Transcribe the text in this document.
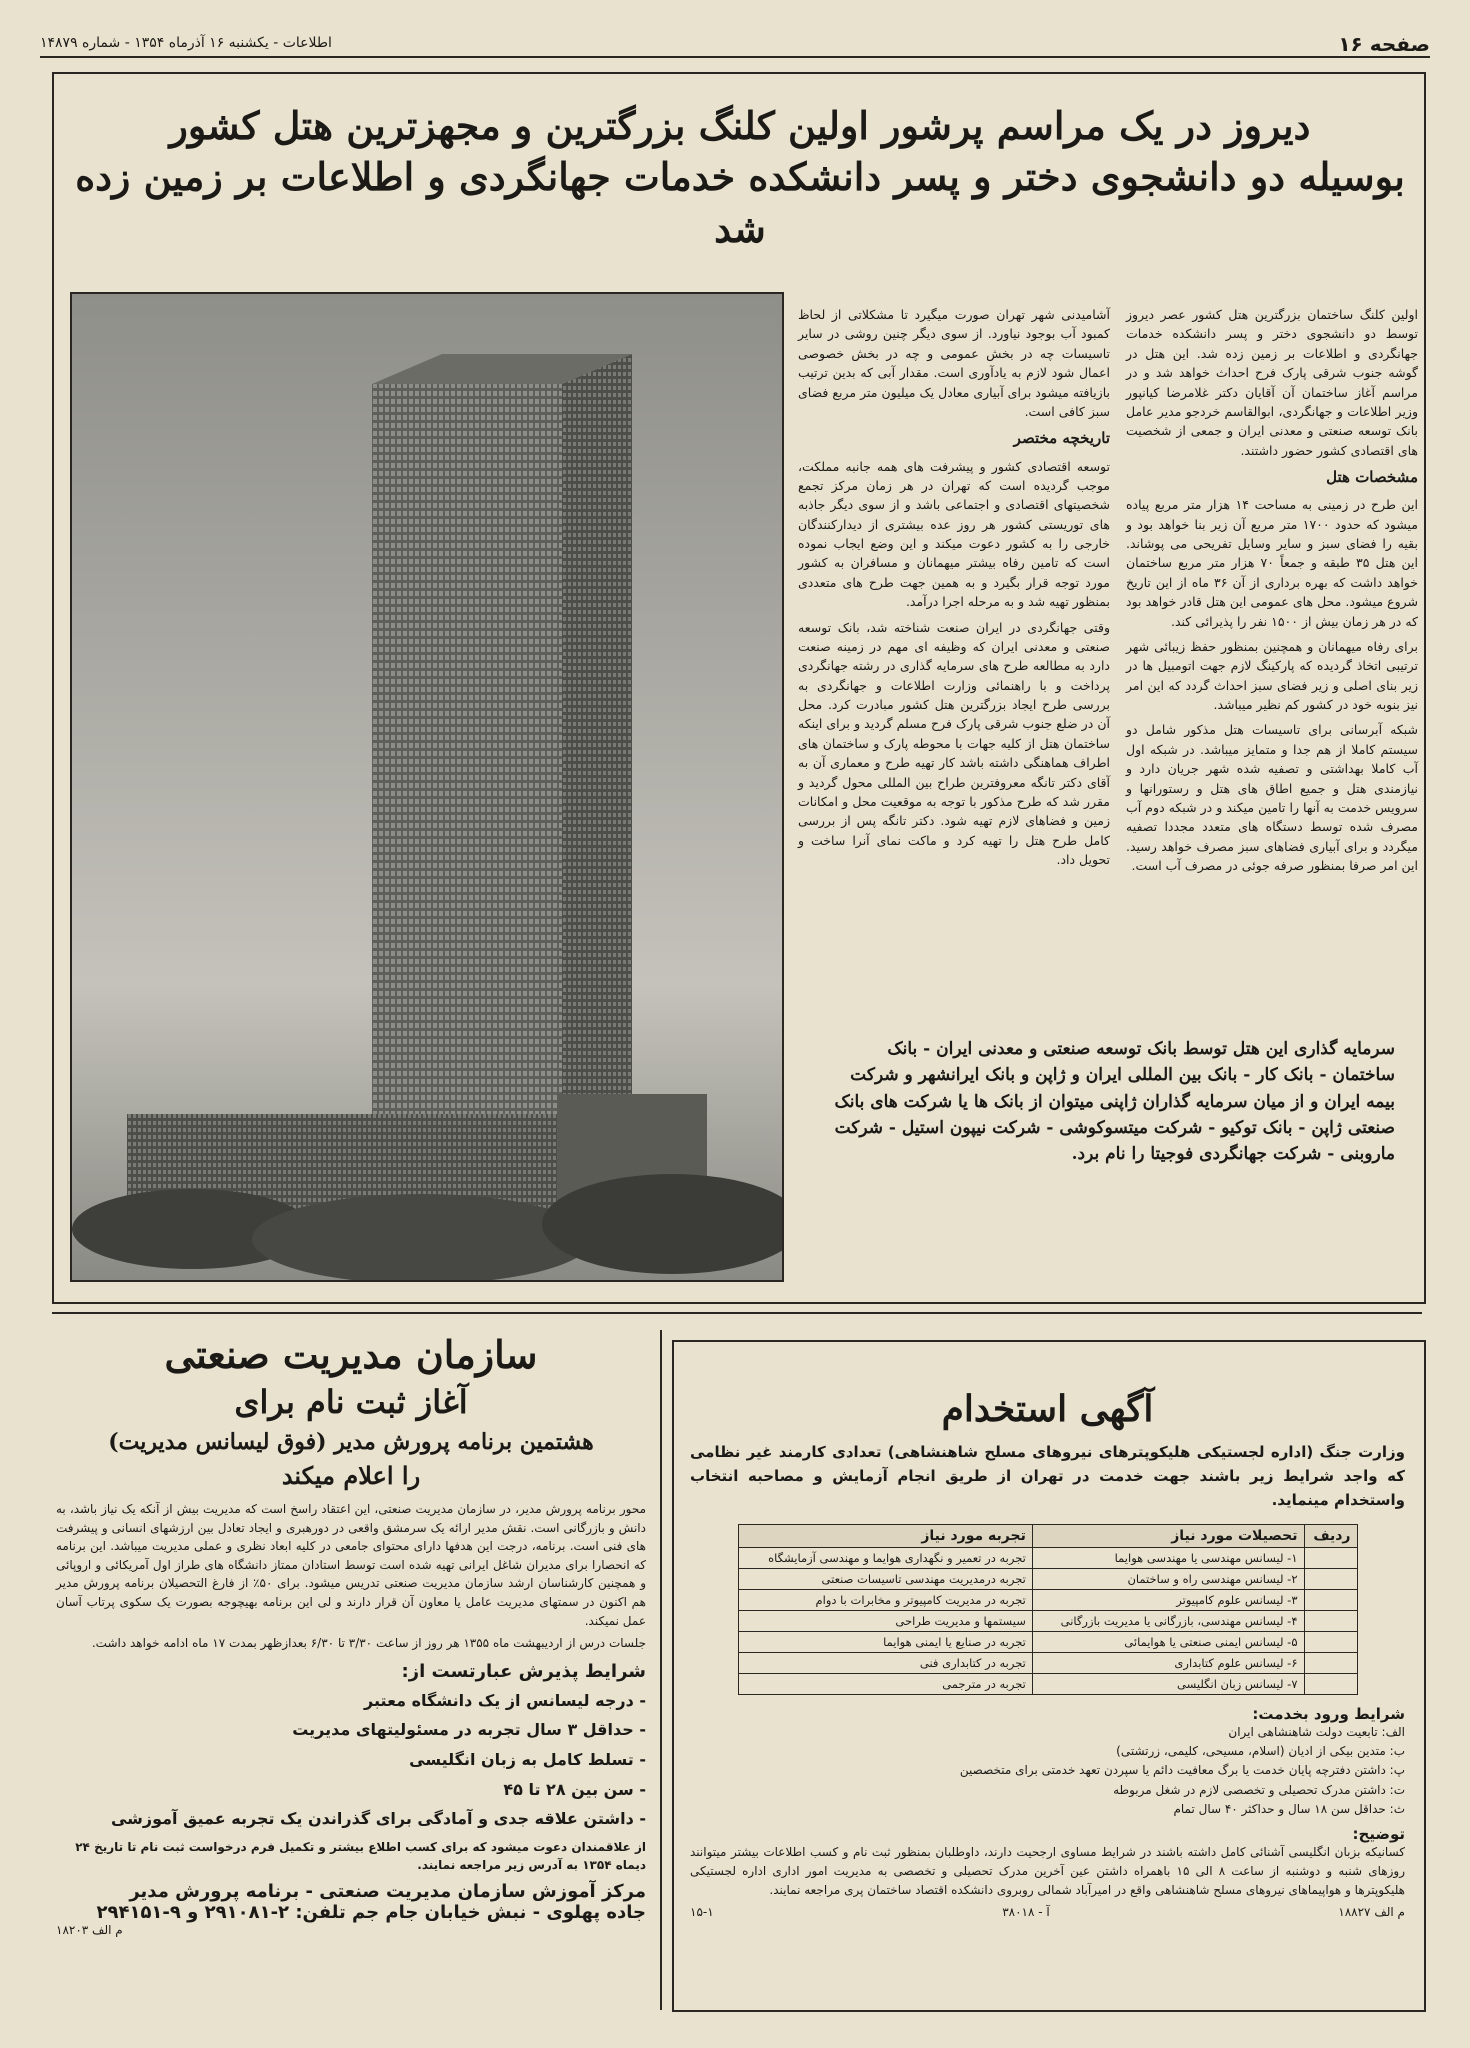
صفحه ۱۶
اطلاعات - یکشنبه ۱۶ آذرماه ۱۳۵۴ - شماره ۱۴۸۷۹
دیروز در یک مراسم پرشور اولین کلنگ بزرگترین و مجهزترین هتل کشور
بوسیله دو دانشجوی دختر و پسر دانشکده خدمات جهانگردی و اطلاعات بر زمین زده شد

اولین کلنگ ساختمان بزرگترین هتل کشور عصر دیروز توسط دو دانشجوی دختر و پسر دانشکده خدمات جهانگردی و اطلاعات بر زمین زده شد. این هتل در گوشه جنوب شرقی پارک فرح احداث خواهد شد و در مراسم آغاز ساختمان آن آقایان دکتر غلامرضا کیانپور وزیر اطلاعات و جهانگردی، ابوالقاسم خردجو مدیر عامل بانک توسعه صنعتی و معدنی ایران و جمعی از شخصیت های اقتصادی کشور حضور داشتند.

مشخصات هتل

این طرح در زمینی به مساحت ۱۴ هزار متر مربع پیاده میشود که حدود ۱۷۰۰ متر مربع آن زیر بنا خواهد بود و بقیه را فضای سبز و سایر وسایل تفریحی می پوشاند. این هتل ۳۵ طبقه و جمعاً ۷۰ هزار متر مربع ساختمان خواهد داشت که بهره برداری از آن ۳۶ ماه از این تاریخ شروع میشود. محل های عمومی این هتل قادر خواهد بود که در هر زمان بیش از ۱۵۰۰ نفر را پذیرائی کند.

برای رفاه میهمانان و همچنین بمنظور حفظ زیبائی شهر ترتیبی اتخاذ گردیده که پارکینگ لازم جهت اتومبیل ها در زیر بنای اصلی و زیر فضای سبز احداث گردد که این امر نیز بنوبه خود در کشور کم نظیر میباشد.

شبکه آبرسانی برای تاسیسات هتل مذکور شامل دو سیستم کاملا از هم جدا و متمایز میباشد. در شبکه اول آب کاملا بهداشتی و تصفیه شده شهر جریان دارد و نیازمندی هتل و جمیع اطاق های هتل و رستورانها و سرویس خدمت به آنها را تامین میکند و در شبکه دوم آب مصرف شده توسط دستگاه های متعدد مجددا تصفیه میگردد و برای آبیاری فضاهای سبز مصرف خواهد رسید. این امر صرفا بمنظور صرفه جوئی در مصرف آب است.

آشامیدنی شهر تهران صورت میگیرد تا مشکلاتی از لحاظ کمبود آب بوجود نیاورد. از سوی دیگر چنین روشی در سایر تاسیسات چه در بخش عمومی و چه در بخش خصوصی اعمال شود لازم به یادآوری است. مقدار آبی که بدین ترتیب بازیافته میشود برای آبیاری معادل یک میلیون متر مربع فضای سبز کافی است.

تاریخچه مختصر

توسعه اقتصادی کشور و پیشرفت های همه جانبه مملکت، موجب گردیده است که تهران در هر زمان مرکز تجمع شخصیتهای اقتصادی و اجتماعی باشد و از سوی دیگر جاذبه های توریستی کشور هر روز عده بیشتری از دیدارکنندگان خارجی را به کشور دعوت میکند و این وضع ایجاب نموده است که تامین رفاه بیشتر میهمانان و مسافران به کشور مورد توجه قرار بگیرد و به همین جهت طرح های متعددی بمنظور تهیه شد و به مرحله اجرا درآمد.

وقتی جهانگردی در ایران صنعت شناخته شد، بانک توسعه صنعتی و معدنی ایران که وظیفه ای مهم در زمینه صنعت دارد به مطالعه طرح های سرمایه گذاری در رشته جهانگردی پرداخت و با راهنمائی وزارت اطلاعات و جهانگردی به بررسی طرح ایجاد بزرگترین هتل کشور مبادرت کرد. محل آن در ضلع جنوب شرقی پارک فرح مسلم گردید و برای اینکه ساختمان هتل از کلیه جهات با محوطه پارک و ساختمان های اطراف هماهنگی داشته باشد کار تهیه طرح و معماری آن به آقای دکتر تانگه معروفترین طراح بین المللی محول گردید و مقرر شد که طرح مذکور با توجه به موقعیت محل و امکانات زمین و فضاهای لازم تهیه شود. دکتر تانگه پس از بررسی کامل طرح هتل را تهیه کرد و ماکت نمای آنرا ساخت و تحویل داد.

سرمایه گذاری این هتل توسط بانک توسعه صنعتی و معدنی ایران - بانک ساختمان - بانک کار - بانک بین المللی ایران و ژاپن و بانک ایرانشهر و شرکت بیمه ایران و از میان سرمایه گذاران ژاپنی میتوان از بانک ها یا شرکت های بانک صنعتی ژاپن - بانک توکیو - شرکت میتسوکوشی - شرکت نیپون استیل - شرکت ماروبنی - شرکت جهانگردی فوجیتا را نام برد.
سازمان مدیریت صنعتی
آغاز ثبت نام برای
هشتمین برنامه پرورش مدیر (فوق لیسانس مدیریت)
را اعلام میکند
محور برنامه پرورش مدیر، در سازمان مدیریت صنعتی، این اعتقاد راسخ است که مدیریت بیش از آنکه یک نیاز باشد، به دانش و بازرگانی است. نقش مدیر ارائه یک سرمشق واقعی در دورهبری و ایجاد تعادل بین ارزشهای انسانی و پیشرفت های فنی است. برنامه، درجت این هدفها دارای محتوای جامعی در کلیه ابعاد نظری و عملی مدیریت میباشد. این برنامه که انحصارا برای مدیران شاغل ایرانی تهیه شده است توسط استادان ممتاز دانشگاه های طراز اول آمریکائی و اروپائی و همچنین کارشناسان ارشد سازمان مدیریت صنعتی تدریس میشود. برای ۵۰٪ از فارغ التحصیلان برنامه پرورش مدیر هم اکنون در سمتهای مدیریت عامل یا معاون آن قرار دارند و لی این برنامه بهیچوجه بصورت یک سکوی پرتاب آسان عمل نمیکند.
جلسات درس از اردیبهشت ماه ۱۳۵۵ هر روز از ساعت ۳/۳۰ تا ۶/۳۰ بعدازظهر بمدت ۱۷ ماه ادامه خواهد داشت.
شرایط پذیرش عبارتست از:
- درجه لیسانس از یک دانشگاه معتبر
- حداقل ۳ سال تجربه در مسئولیتهای مدیریت
- تسلط کامل به زبان انگلیسی
- سن بین ۲۸ تا ۴۵
- داشتن علاقه جدی و آمادگی برای گذراندن یک تجربه عمیق آموزشی
از علاقمندان دعوت میشود که برای کسب اطلاع بیشتر و تکمیل فرم درخواست ثبت نام تا تاریخ ۲۴ دیماه ۱۳۵۴ به آدرس زیر مراجعه نمایند.
مرکز آموزش سازمان مدیریت صنعتی - برنامه پرورش مدیر
جاده پهلوی - نبش خیابان جام جم تلفن: ۲-۲۹۱۰۸۱ و ۹-۲۹۴۱۵۱
م الف ۱۸۲۰۳
آگهی استخدام
وزارت جنگ (اداره لجستیکی هلیکوپترهای نیروهای مسلح شاهنشاهی) تعدادی کارمند غیر نظامی که واجد شرایط زیر باشند جهت خدمت در تهران از طریق انجام آزمایش و مصاحبه انتخاب واستخدام مینماید.
ردیف	تحصیلات مورد نیاز	تجربه مورد نیاز
	۱- لیسانس مهندسی یا مهندسی هوایما	تجربه در تعمیر و نگهداری هوایما و مهندسی آزمایشگاه
	۲- لیسانس مهندسی راه و ساختمان	تجربه درمدیریت مهندسی تاسیسات صنعتی
	۳- لیسانس علوم کامپیوتر	تجربه در مدیریت کامپیوتر و مخابرات با دوام
	۴- لیسانس مهندسی، بازرگانی یا مدیریت بازرگانی	سیستمها و مدیریت طراحی
	۵- لیسانس ایمنی صنعتی یا هوایمائی	تجربه در صنایع یا ایمنی هوایما
	۶- لیسانس علوم کتابداری	تجربه در کتابداری فنی
	۷- لیسانس زبان انگلیسی	تجربه در مترجمی
شرایط ورود بخدمت:
الف: تابعیت دولت شاهنشاهی ایران
ب: متدین بیکی از ادیان (اسلام، مسیحی، کلیمی، زرتشتی)
پ: داشتن دفترچه پایان خدمت یا برگ معافیت دائم یا سپردن تعهد خدمتی برای متخصصین
ت: داشتن مدرک تحصیلی و تخصصی لازم در شغل مربوطه
ث: حداقل سن ۱۸ سال و حداکثر ۴۰ سال تمام
توضیح:
کسانیکه بزبان انگلیسی آشنائی کامل داشته باشند در شرایط مساوی ارجحیت دارند، داوطلبان بمنظور ثبت نام و کسب اطلاعات بیشتر میتوانند روزهای شنبه و دوشنبه از ساعت ۸ الی ۱۵ باهمراه داشتن عین آخرین مدرک تحصیلی و تخصصی به مدیریت امور اداری اداره لجستیکی هلیکوپترها و هواپیماهای نیروهای مسلح شاهنشاهی واقع در امیرآباد شمالی روبروی دانشکده اقتصاد ساختمان پری مراجعه نمایند.
۱۵-۱	آ - ۳۸۰۱۸	م الف ۱۸۸۲۷
